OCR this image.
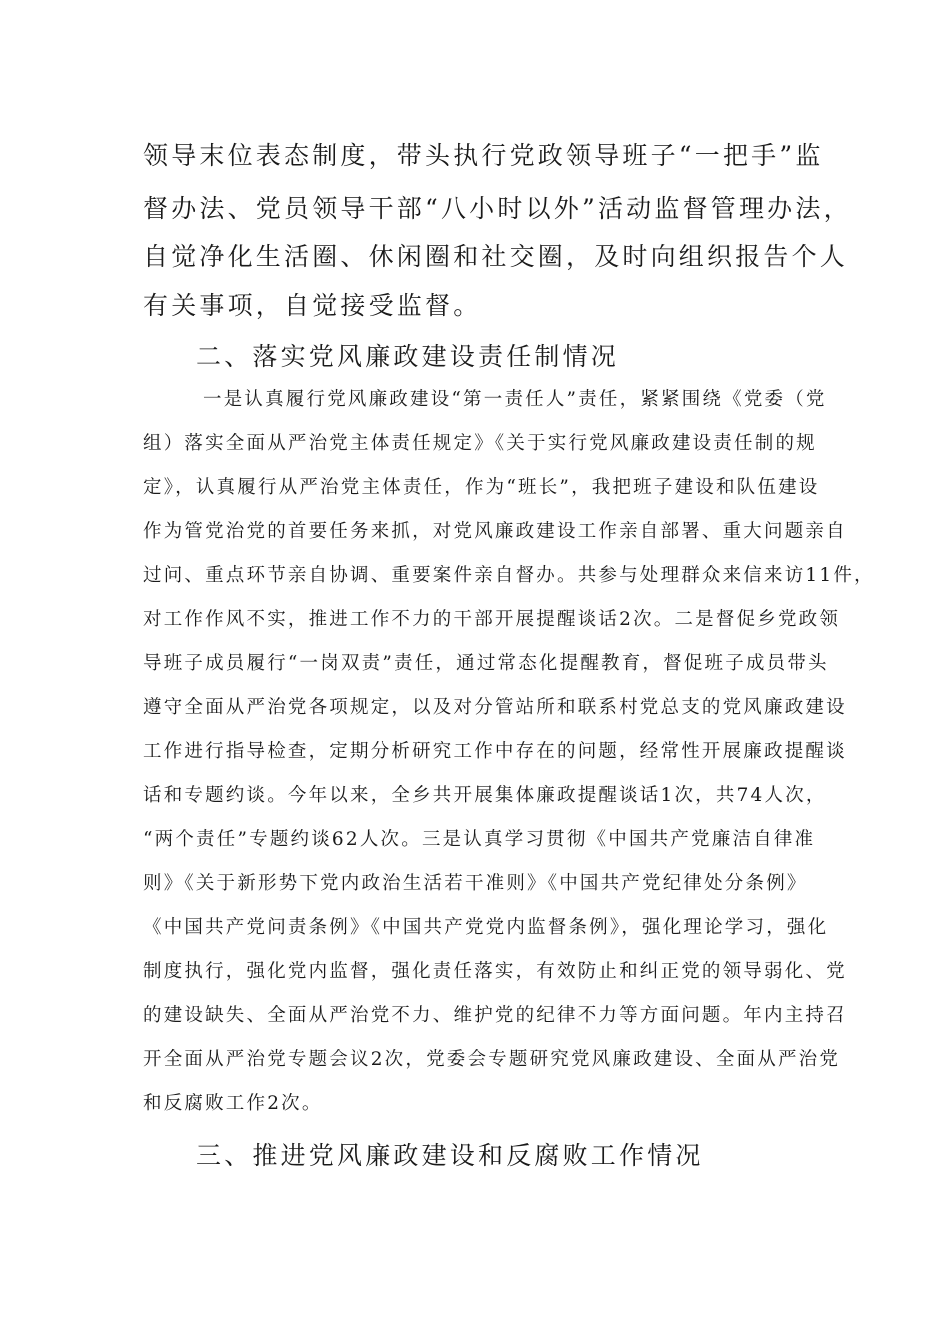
领导末位表态制度，带头执行党政领导班子“一把手”监
督办法、党员领导干部“八小时以外”活动监督管理办法，
自觉净化生活圈、休闲圈和社交圈，及时向组织报告个人
有关事项，自觉接受监督。
二、落实党风廉政建设责任制情况
一是认真履行党风廉政建设“第一责任人”责任，紧紧围绕《党委（党
组）落实全面从严治党主体责任规定》《关于实行党风廉政建设责任制的规
定》，认真履行从严治党主体责任，作为“班长”，我把班子建设和队伍建设
作为管党治党的首要任务来抓，对党风廉政建设工作亲自部署、重大问题亲自
过问、重点环节亲自协调、重要案件亲自督办。共参与处理群众来信来访11件，
对工作作风不实，推进工作不力的干部开展提醒谈话2次。二是督促乡党政领
导班子成员履行“一岗双责”责任，通过常态化提醒教育，督促班子成员带头
遵守全面从严治党各项规定，以及对分管站所和联系村党总支的党风廉政建设
工作进行指导检查，定期分析研究工作中存在的问题，经常性开展廉政提醒谈
话和专题约谈。今年以来，全乡共开展集体廉政提醒谈话1次，共74人次，
“两个责任”专题约谈62人次。三是认真学习贯彻《中国共产党廉洁自律准
则》《关于新形势下党内政治生活若干准则》《中国共产党纪律处分条例》
《中国共产党问责条例》《中国共产党党内监督条例》，强化理论学习，强化
制度执行，强化党内监督，强化责任落实，有效防止和纠正党的领导弱化、党
的建设缺失、全面从严治党不力、维护党的纪律不力等方面问题。年内主持召
开全面从严治党专题会议2次，党委会专题研究党风廉政建设、全面从严治党
和反腐败工作2次。
三、推进党风廉政建设和反腐败工作情况
